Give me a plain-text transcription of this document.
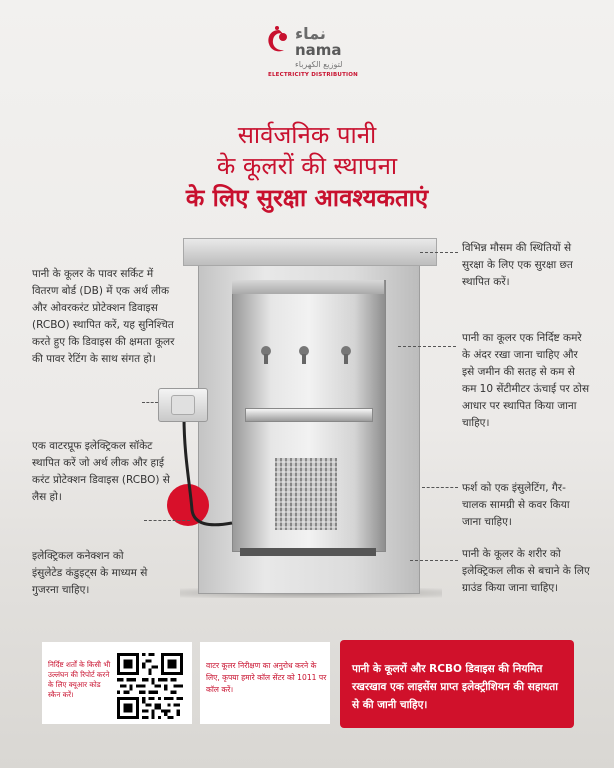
نماء
nama
لتوزيع الكهرباء
ELECTRICITY DISTRIBUTION
सार्वजनिक पानी
के कूलरों की स्थापना
के लिए सुरक्षा आवश्यकताएं
पानी के कूलर के पावर सर्किट में वितरण बोर्ड (DB) में एक अर्थ लीक और ओवरकरंट प्रोटेक्शन डिवाइस (RCBO) स्थापित करें, यह सुनिश्चित करते हुए कि डिवाइस की क्षमता कूलर की पावर रेटिंग के साथ संगत हो।
एक वाटरप्रूफ इलेक्ट्रिकल सॉकेट स्थापित करें जो अर्थ लीक और हाई करंट प्रोटेक्शन डिवाइस (RCBO) से लैस हो।
इलेक्ट्रिकल कनेक्शन को इंसुलेटेड कंडुइट्स के माध्यम से गुजरना चाहिए।
विभिन्न मौसम की स्थितियों से सुरक्षा के लिए एक सुरक्षा छत स्थापित करें।
पानी का कूलर एक निर्दिष्ट कमरे के अंदर रखा जाना चाहिए और इसे जमीन की सतह से कम से कम 10 सेंटीमीटर ऊंचाई पर ठोस आधार पर स्थापित किया जाना चाहिए।
फर्श को एक इंसुलेटिंग, गैर-चालक सामग्री से कवर किया जाना चाहिए।
पानी के कूलर के शरीर को इलेक्ट्रिकल लीक से बचाने के लिए ग्राउंड किया जाना चाहिए।
निर्दिष्ट शर्तों के किसी भी उल्लंघन की रिपोर्ट करने के लिए क्यूआर कोड स्कैन करें।
वाटर कूलर निरीक्षण का अनुरोध करने के लिए, कृपया हमारे कॉल सेंटर को 1011 पर कॉल करें।
पानी के कूलरों और RCBO डिवाइस की नियमित रखरखाव एक लाइसेंस प्राप्त इलेक्ट्रीशियन की सहायता से की जानी चाहिए।
